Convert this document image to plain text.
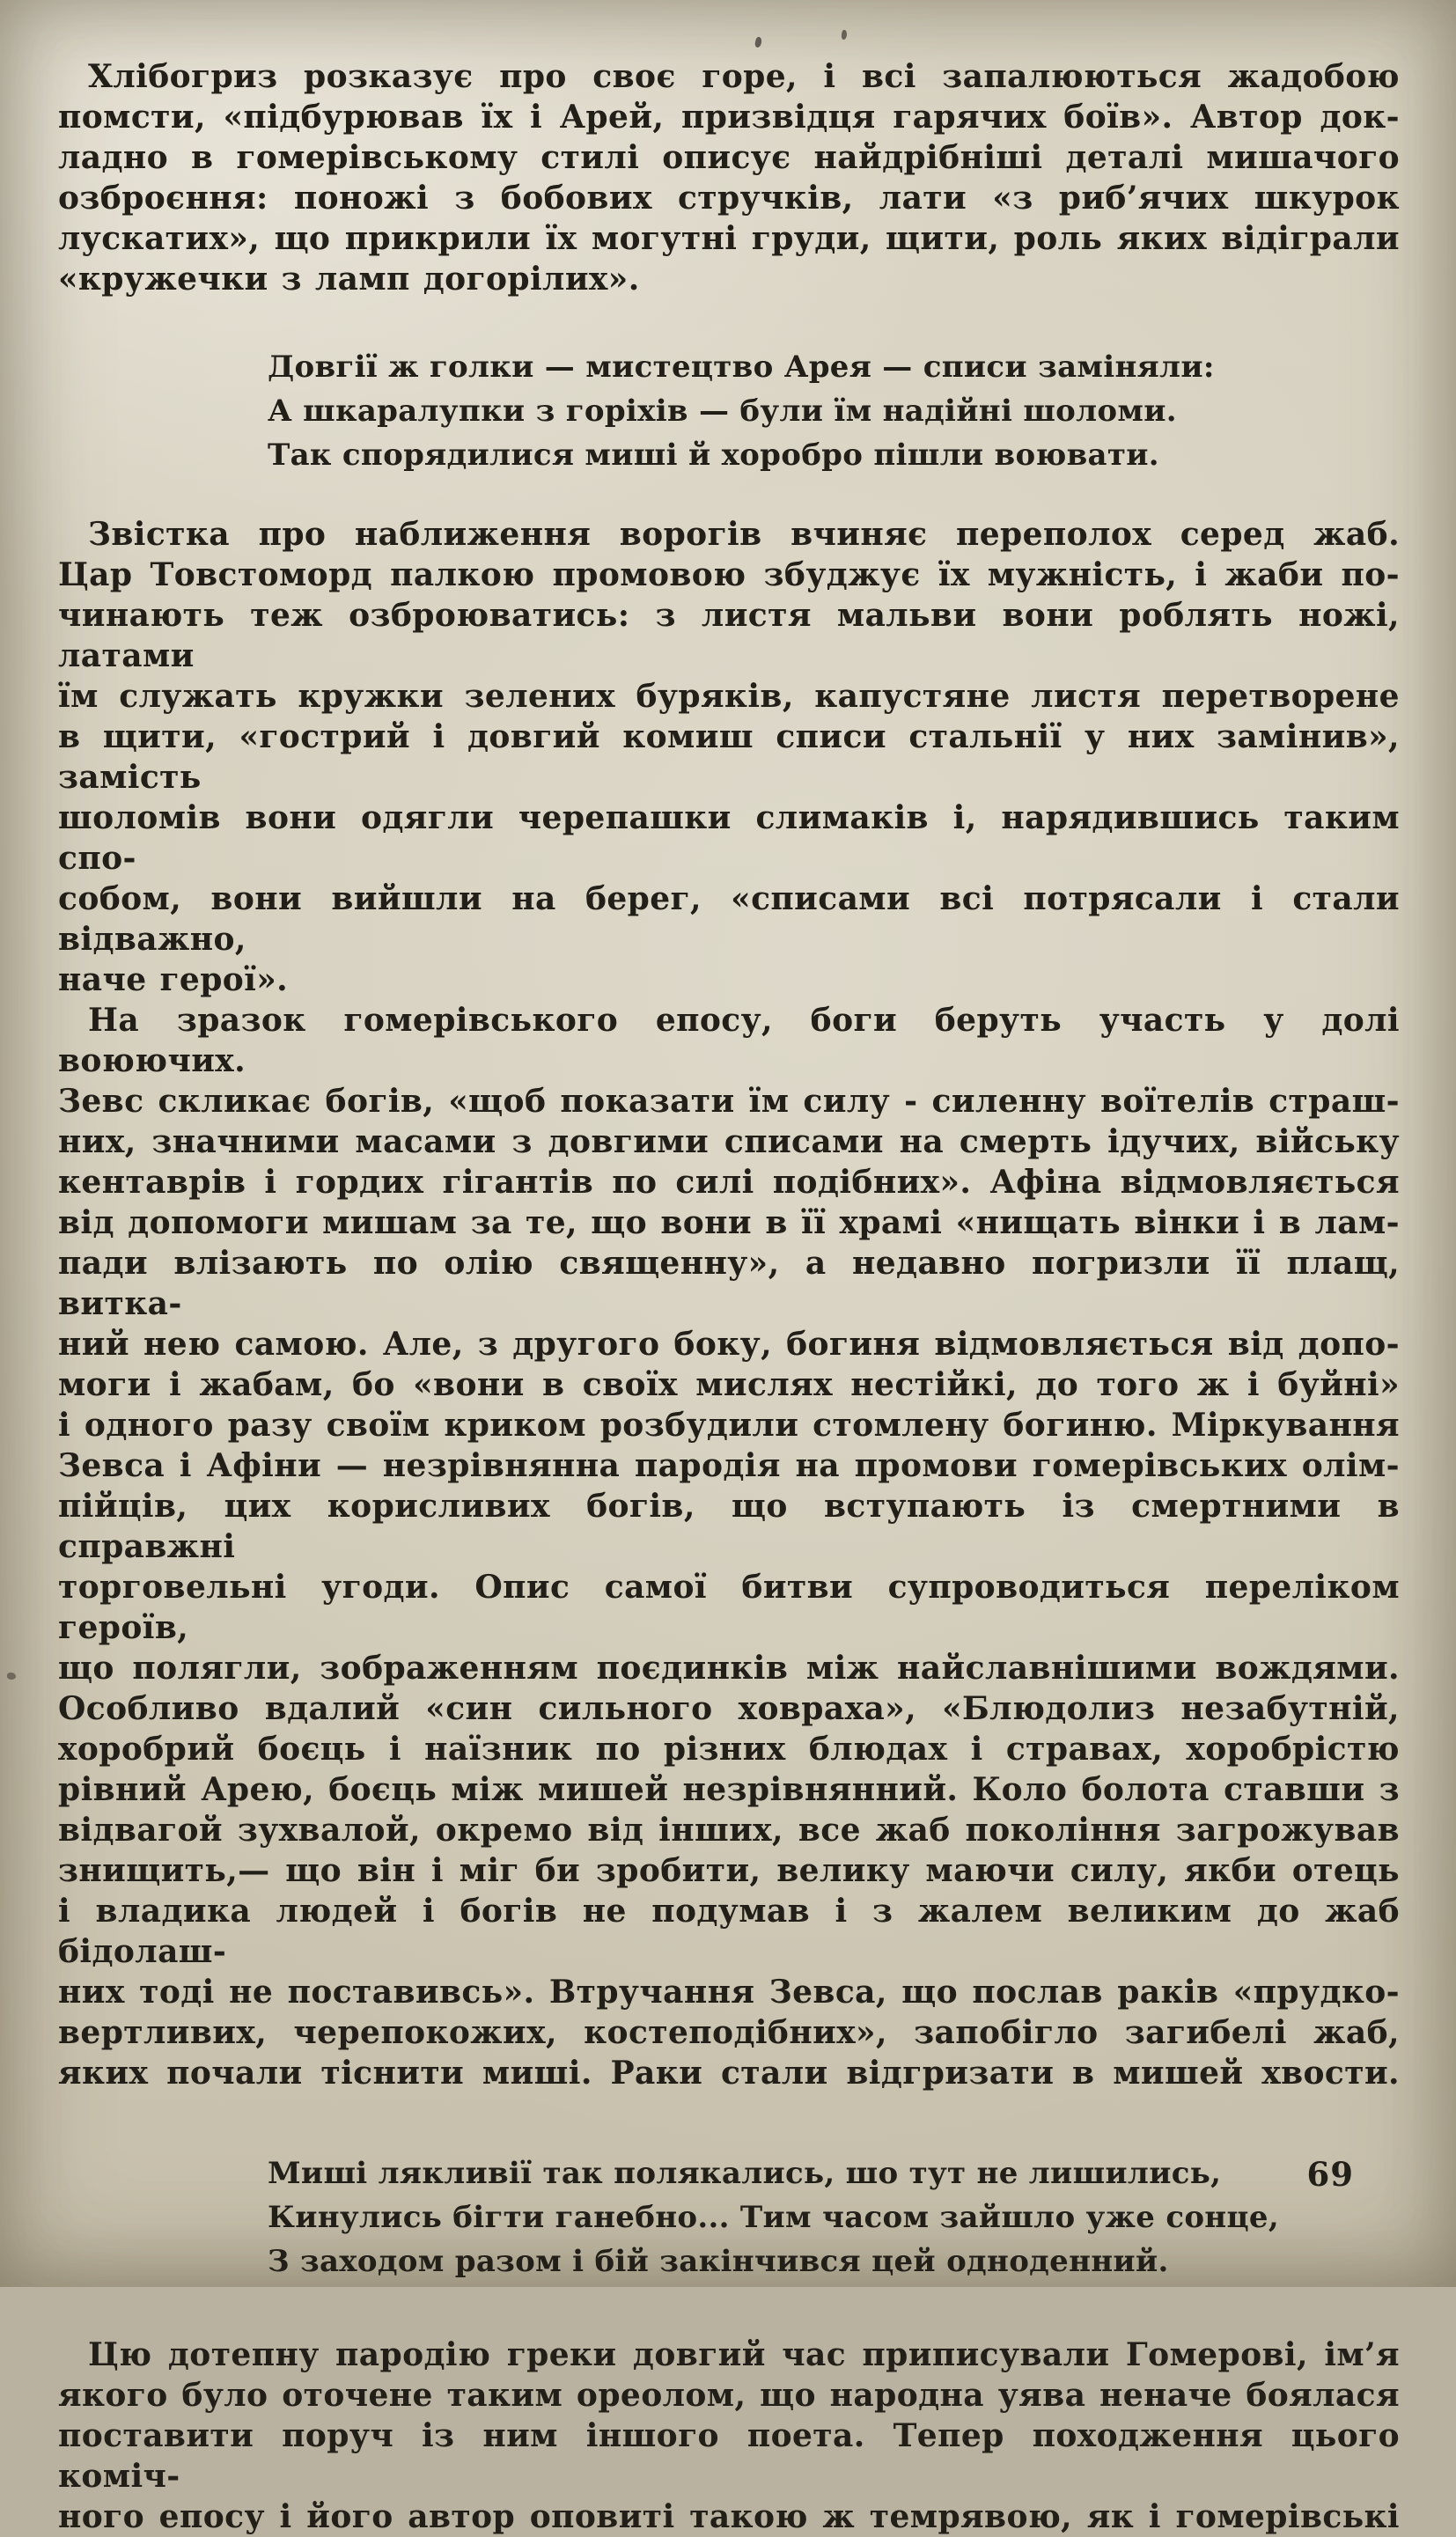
Хлібогриз розказує про своє горе, і всі запалюються жадобою
помсти, «підбурював їх і Арей, призвідця гарячих боїв». Автор док-
ладно в гомерівському стилі описує найдрібніші деталі мишачого
озброєння: поножі з бобових стручків, лати «з риб’ячих шкурок
лускатих», що прикрили їх могутні груди, щити, роль яких відіграли
«кружечки з ламп догорілих».
Довгії ж голки — мистецтво Арея — списи заміняли:
А шкаралупки з горіхів — були їм надійні шоломи.
Так спорядилися миші й хоробро пішли воювати.
Звістка про наближення ворогів вчиняє переполох серед жаб.
Цар Товстоморд палкою промовою збуджує їх мужність, і жаби по-
чинають теж озброюватись: з листя мальви вони роблять ножі, латами
їм служать кружки зелених буряків, капустяне листя перетворене
в щити, «гострий і довгий комиш списи стальнії у них замінив», замість
шоломів вони одягли черепашки слимаків і, нарядившись таким спо-
собом, вони вийшли на берег, «списами всі потрясали і стали відважно,
наче герої».
На зразок гомерівського епосу, боги беруть участь у долі воюючих.
Зевс скликає богів, «щоб показати їм силу - силенну воїтелів страш-
них, значними масами з довгими списами на смерть ідучих, війську
кентаврів і гордих гігантів по силі подібних». Афіна відмовляється
від допомоги мишам за те, що вони в її храмі «нищать вінки і в лам-
пади влізають по олію священну», а недавно погризли її плащ, витка-
ний нею самою. Але, з другого боку, богиня відмовляється від допо-
моги і жабам, бо «вони в своїх мислях нестійкі, до того ж і буйні»
і одного разу своїм криком розбудили стомлену богиню. Міркування
Зевса і Афіни — незрівнянна пародія на промови гомерівських олім-
пійців, цих корисливих богів, що вступають із смертними в справжні
торговельні угоди. Опис самої битви супроводиться переліком героїв,
що полягли, зображенням поєдинків між найславнішими вождями.
Особливо вдалий «син сильного ховраха», «Блюдолиз незабутній,
хоробрий боєць і наїзник по різних блюдах і стравах, хоробрістю
рівний Арею, боєць між мишей незрівнянний. Коло болота ставши з
відвагой зухвалой, окремо від інших, все жаб покоління загрожував
знищить,— що він і міг би зробити, велику маючи силу, якби отець
і владика людей і богів не подумав і з жалем великим до жаб бідолаш-
них тоді не поставивсь». Втручання Зевса, що послав раків «прудко-
вертливих, черепокожих, костеподібних», запобігло загибелі жаб,
яких почали тіснити миші. Раки стали відгризати в мишей хвости.
Миші лякливії так полякались, шо тут не лишились,
Кинулись бігти ганебно... Тим часом зайшло уже сонце,
З заходом разом і бій закінчився цей одноденний.
Цю дотепну пародію греки довгий час приписували Гомерові, ім’я
якого було оточене таким ореолом, що народна уява неначе боялася
поставити поруч із ним іншого поета. Тепер походження цього коміч-
ного епосу і його автор оповиті такою ж темрявою, як і гомерівські
69
